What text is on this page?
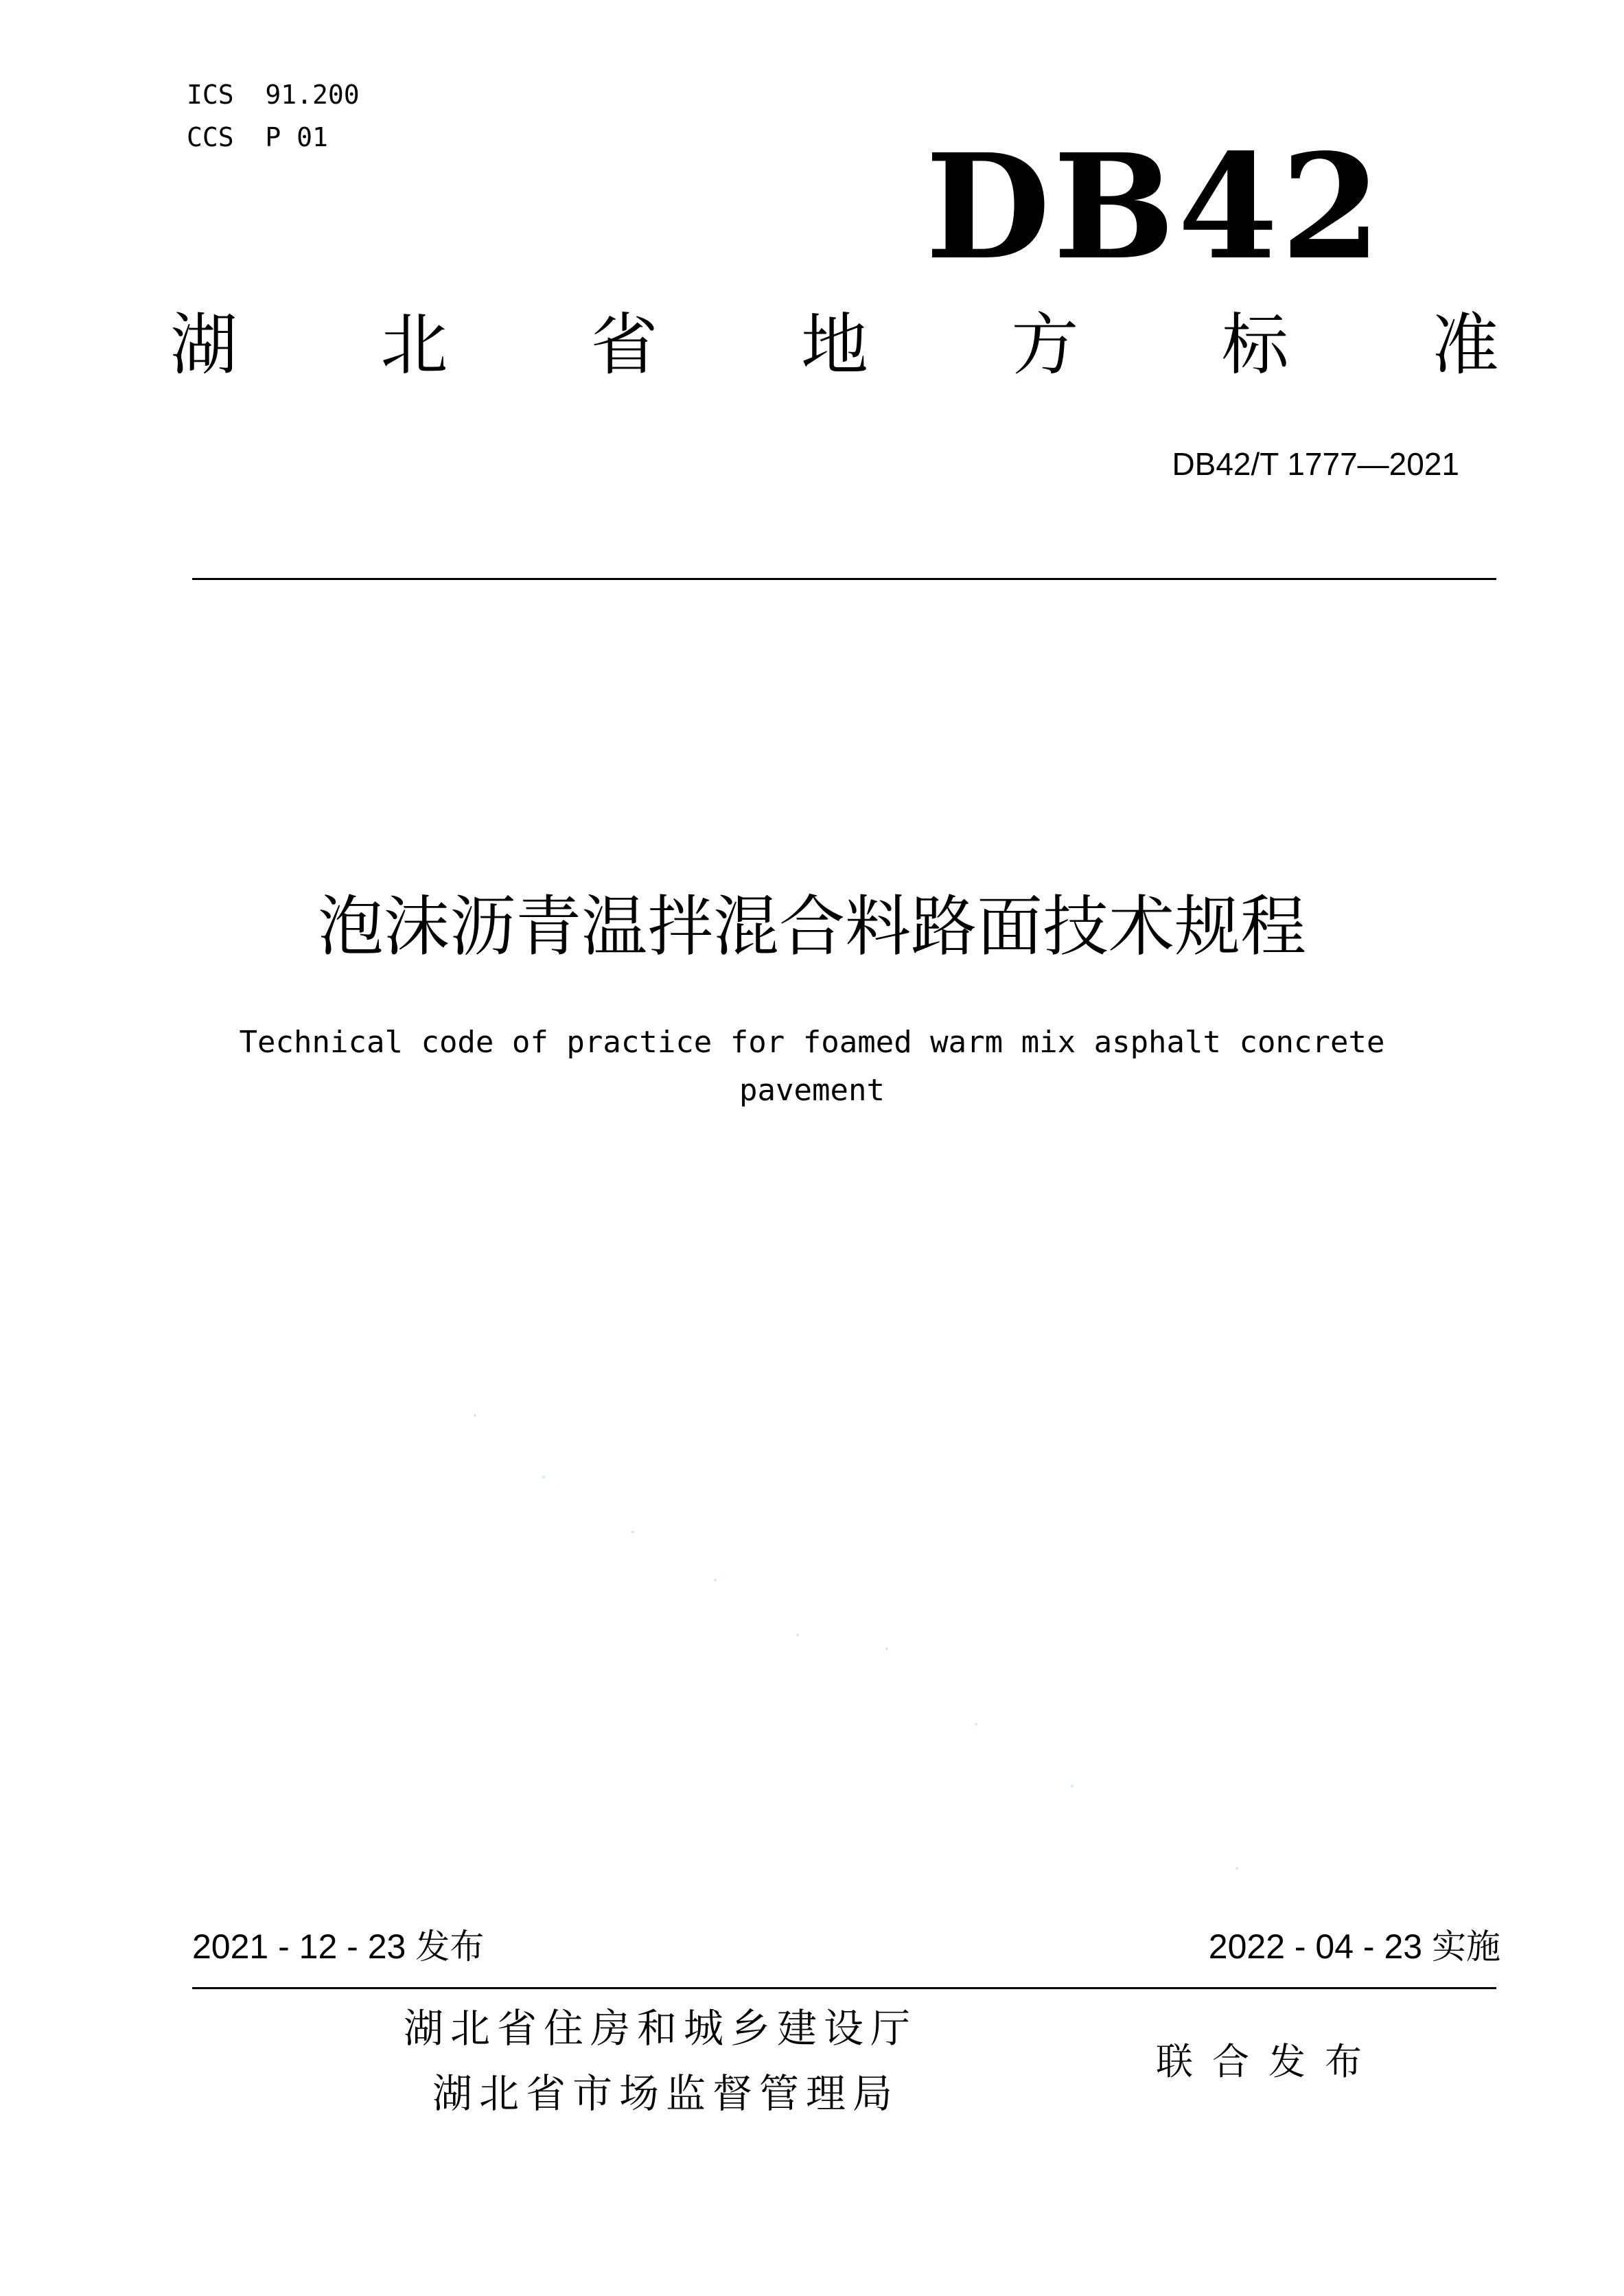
ICS  91.200
CCS  P 01	DB42
湖 北 省 地 方 标 准
DB42/T 1777—2021
泡沫沥青温拌混合料路面技术规程
Technical code of practice for foamed warm mix asphalt concrete pavement
2021 - 12 - 23 发布	2022 - 04 - 23 实施
湖北省住房和城乡建设厅
湖北省市场监督管理局
联合发布
